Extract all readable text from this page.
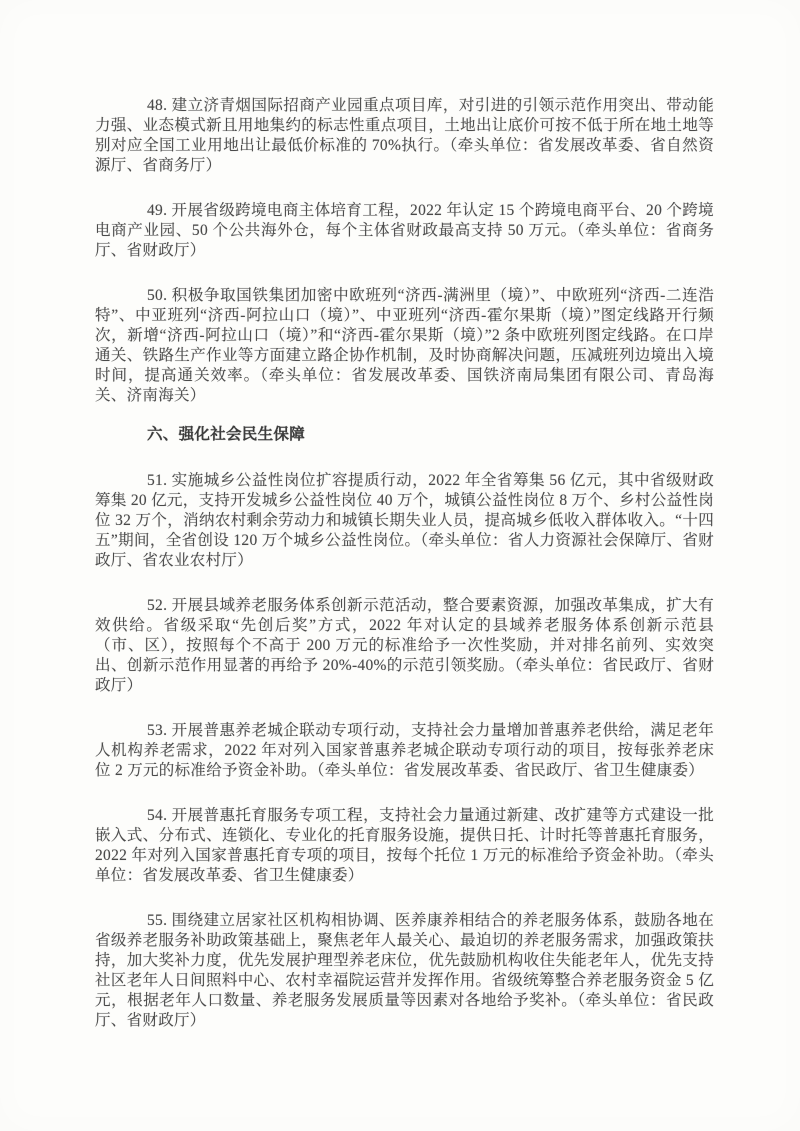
48. 建立济青烟国际招商产业园重点项目库，对引进的引领示范作用突出、带动能力强、业态模式新且用地集约的标志性重点项目，土地出让底价可按不低于所在地土地等别对应全国工业用地出让最低价标准的 70%执行。（牵头单位：省发展改革委、省自然资源厅、省商务厅）

49. 开展省级跨境电商主体培育工程，2022 年认定 15 个跨境电商平台、20 个跨境电商产业园、50 个公共海外仓，每个主体省财政最高支持 50 万元。（牵头单位：省商务厅、省财政厅）

50. 积极争取国铁集团加密中欧班列“济西-满洲里（境）”、中欧班列“济西-二连浩特”、中亚班列“济西-阿拉山口（境）”、中亚班列“济西-霍尔果斯（境）”图定线路开行频次，新增“济西-阿拉山口（境）”和“济西-霍尔果斯（境）”2 条中欧班列图定线路。在口岸通关、铁路生产作业等方面建立路企协作机制，及时协商解决问题，压减班列边境出入境时间，提高通关效率。（牵头单位：省发展改革委、国铁济南局集团有限公司、青岛海关、济南海关）

六、强化社会民生保障

51. 实施城乡公益性岗位扩容提质行动，2022 年全省筹集 56 亿元，其中省级财政筹集 20 亿元，支持开发城乡公益性岗位 40 万个，城镇公益性岗位 8 万个、乡村公益性岗位 32 万个，消纳农村剩余劳动力和城镇长期失业人员，提高城乡低收入群体收入。“十四五”期间，全省创设 120 万个城乡公益性岗位。（牵头单位：省人力资源社会保障厅、省财政厅、省农业农村厅）

52. 开展县域养老服务体系创新示范活动，整合要素资源，加强改革集成，扩大有效供给。省级采取“先创后奖”方式，2022 年对认定的县域养老服务体系创新示范县（市、区），按照每个不高于 200 万元的标准给予一次性奖励，并对排名前列、实效突出、创新示范作用显著的再给予 20%-40%的示范引领奖励。（牵头单位：省民政厅、省财政厅）

53. 开展普惠养老城企联动专项行动，支持社会力量增加普惠养老供给，满足老年人机构养老需求，2022 年对列入国家普惠养老城企联动专项行动的项目，按每张养老床位 2 万元的标准给予资金补助。（牵头单位：省发展改革委、省民政厅、省卫生健康委）

54. 开展普惠托育服务专项工程，支持社会力量通过新建、改扩建等方式建设一批嵌入式、分布式、连锁化、专业化的托育服务设施，提供日托、计时托等普惠托育服务，2022 年对列入国家普惠托育专项的项目，按每个托位 1 万元的标准给予资金补助。（牵头单位：省发展改革委、省卫生健康委）

55. 围绕建立居家社区机构相协调、医养康养相结合的养老服务体系，鼓励各地在省级养老服务补助政策基础上，聚焦老年人最关心、最迫切的养老服务需求，加强政策扶持，加大奖补力度，优先发展护理型养老床位，优先鼓励机构收住失能老年人，优先支持社区老年人日间照料中心、农村幸福院运营并发挥作用。省级统筹整合养老服务资金 5 亿元，根据老年人口数量、养老服务发展质量等因素对各地给予奖补。（牵头单位：省民政厅、省财政厅）
